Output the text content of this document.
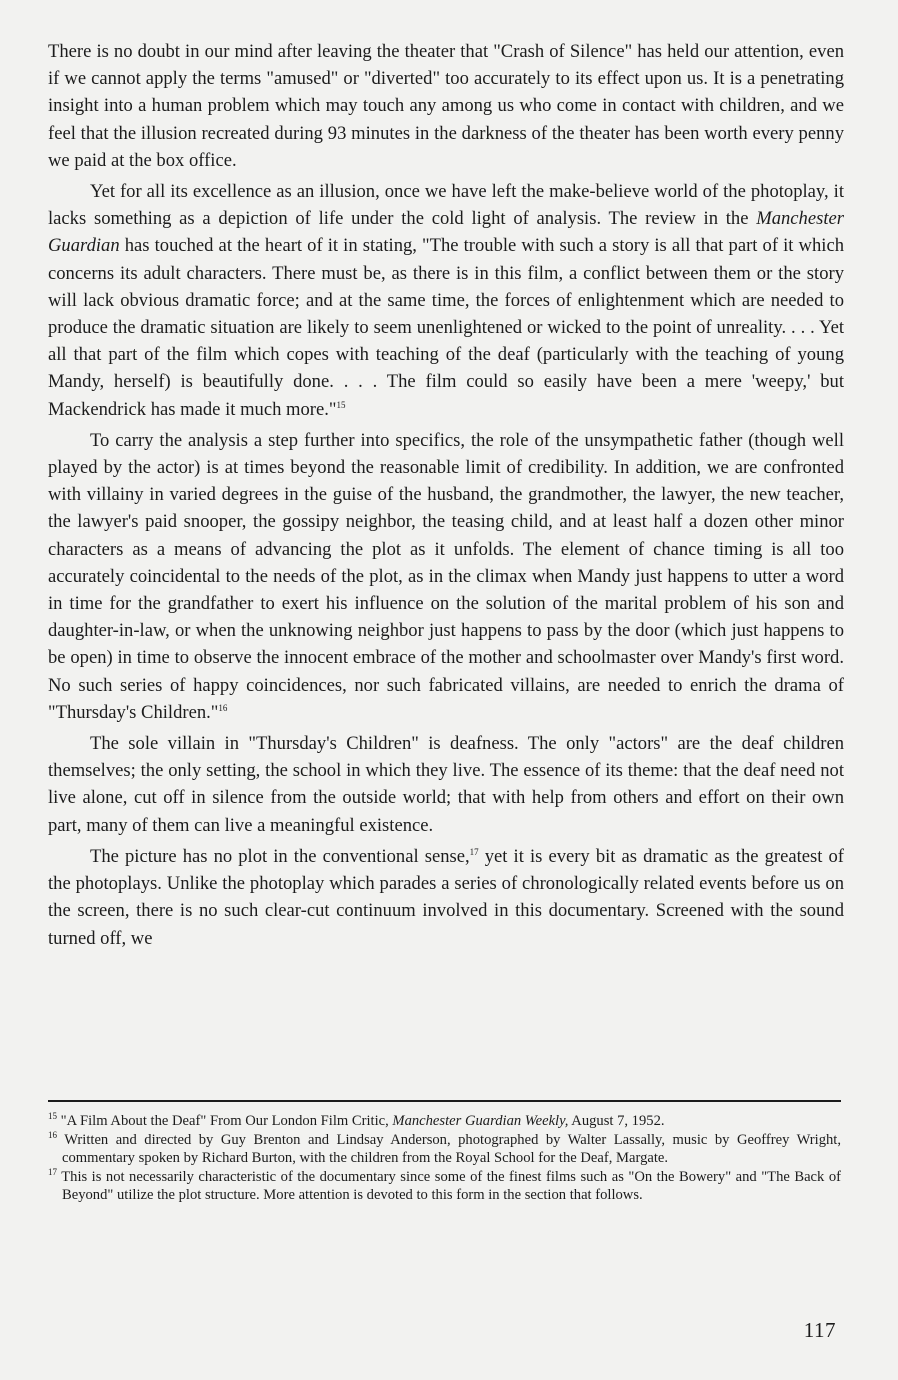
There is no doubt in our mind after leaving the theater that "Crash of Silence" has held our attention, even if we cannot apply the terms "amused" or "diverted" too accurately to its effect upon us. It is a penetrating insight into a human problem which may touch any among us who come in contact with children, and we feel that the illusion recreated during 93 minutes in the darkness of the theater has been worth every penny we paid at the box office.

Yet for all its excellence as an illusion, once we have left the make-believe world of the photoplay, it lacks something as a depiction of life under the cold light of analysis. The review in the Manchester Guardian has touched at the heart of it in stating, "The trouble with such a story is all that part of it which concerns its adult characters. There must be, as there is in this film, a conflict between them or the story will lack obvious dramatic force; and at the same time, the forces of enlightenment which are needed to produce the dramatic situation are likely to seem unenlightened or wicked to the point of unreality. . . . Yet all that part of the film which copes with teaching of the deaf (particularly with the teaching of young Mandy, herself) is beautifully done. . . . The film could so easily have been a mere 'weepy,' but Mackendrick has made it much more."$^{15}$

To carry the analysis a step further into specifics, the role of the unsympathetic father (though well played by the actor) is at times beyond the reasonable limit of credibility. In addition, we are confronted with villainy in varied degrees in the guise of the husband, the grandmother, the lawyer, the new teacher, the lawyer's paid snooper, the gossipy neighbor, the teasing child, and at least half a dozen other minor characters as a means of advancing the plot as it unfolds. The element of chance timing is all too accurately coincidental to the needs of the plot, as in the climax when Mandy just happens to utter a word in time for the grandfather to exert his influence on the solution of the marital problem of his son and daughter-in-law, or when the unknowing neighbor just happens to pass by the door (which just happens to be open) in time to observe the innocent embrace of the mother and schoolmaster over Mandy's first word. No such series of happy coincidences, nor such fabricated villains, are needed to enrich the drama of "Thursday's Children."$^{16}$

The sole villain in "Thursday's Children" is deafness. The only "actors" are the deaf children themselves; the only setting, the school in which they live. The essence of its theme: that the deaf need not live alone, cut off in silence from the outside world; that with help from others and effort on their own part, many of them can live a meaningful existence.

The picture has no plot in the conventional sense,$^{17}$ yet it is every bit as dramatic as the greatest of the photoplays. Unlike the photoplay which parades a series of chronologically related events before us on the screen, there is no such clear-cut continuum involved in this documentary. Screened with the sound turned off, we

$^{15}$ "A Film About the Deaf" From Our London Film Critic, Manchester Guardian Weekly, August 7, 1952.

$^{16}$ Written and directed by Guy Brenton and Lindsay Anderson, photographed by Walter Lassally, music by Geoffrey Wright, commentary spoken by Richard Burton, with the children from the Royal School for the Deaf, Margate.

$^{17}$ This is not necessarily characteristic of the documentary since some of the finest films such as "On the Bowery" and "The Back of Beyond" utilize the plot structure. More attention is devoted to this form in the section that follows.

117
